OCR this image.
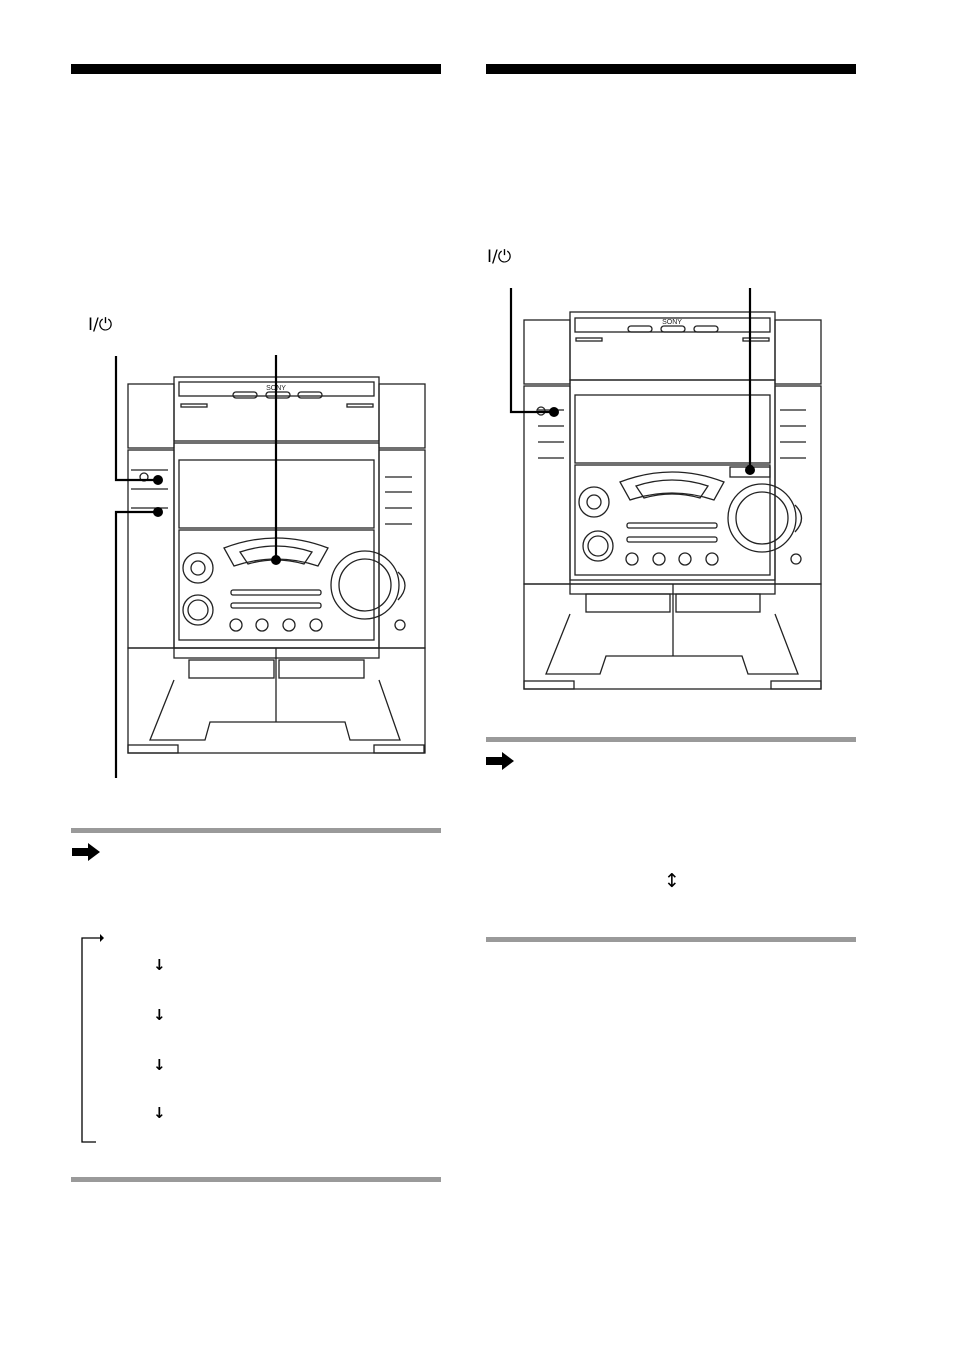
I/⏻
SONY
↓
↓
↓
↓
I/⏻
SONY
↕
